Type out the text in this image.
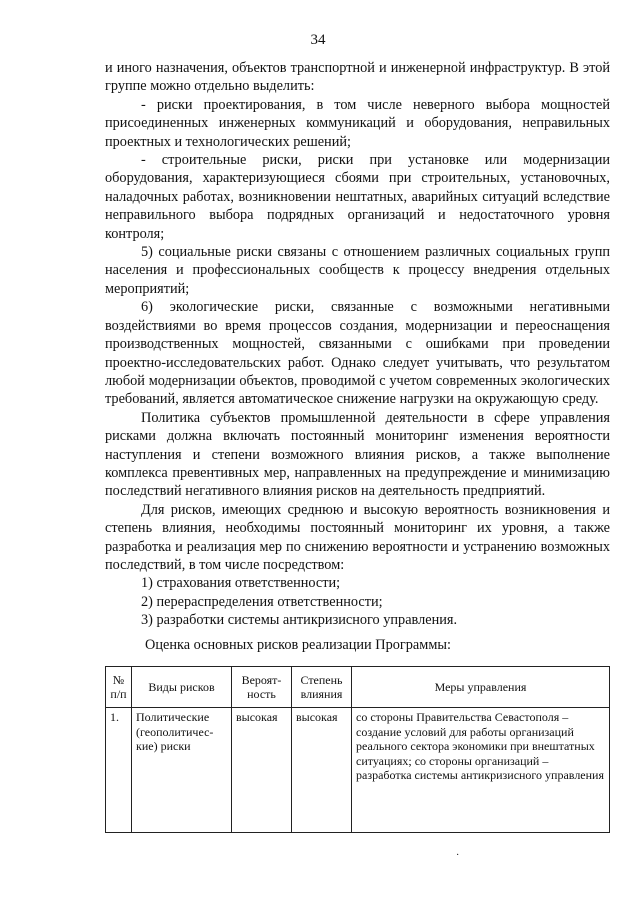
34

и иного назначения, объектов транспортной и инженерной инфраструктур. В этой группе можно отдельно выделить:

- риски проектирования, в том числе неверного выбора мощностей присоединенных инженерных коммуникаций и оборудования, неправильных проектных и технологических решений;

- строительные риски, риски при установке или модернизации оборудования, характеризующиеся сбоями при строительных, установочных, наладочных работах, возникновении нештатных, аварийных ситуаций вследствие неправильного выбора подрядных организаций и недостаточного уровня контроля;

5) социальные риски связаны с отношением различных социальных групп населения и профессиональных сообществ к процессу внедрения отдельных мероприятий;

6) экологические риски, связанные с возможными негативными воздействиями во время процессов создания, модернизации и переоснащения производственных мощностей, связанными с ошибками при проведении проектно-исследовательских работ. Однако следует учитывать, что результатом любой модернизации объектов, проводимой с учетом современных экологических требований, является автоматическое снижение нагрузки на окружающую среду.

Политика субъектов промышленной деятельности в сфере управления рисками должна включать постоянный мониторинг изменения вероятности наступления и степени возможного влияния рисков, а также выполнение комплекса превентивных мер, направленных на предупреждение и минимизацию последствий негативного влияния рисков на деятельность предприятий.

Для рисков, имеющих среднюю и высокую вероятность возникновения и степень влияния, необходимы постоянный мониторинг их уровня, а также разработка и реализация мер по снижению вероятности и устранению возможных последствий, в том числе посредством:

1) страхования ответственности;

2) перераспределения ответственности;

3) разработки системы антикризисного управления.

Оценка основных рисков реализации Программы:

№ п/п	Виды рисков	Вероят-ность	Степень влияния	Меры управления
1.	Политические (геополитичес-кие) риски	высокая	высокая	со стороны Правительства Севастополя – создание условий для работы организаций реального сектора экономики при внештатных ситуациях; со стороны организаций – разработка системы антикризисного управления
·
